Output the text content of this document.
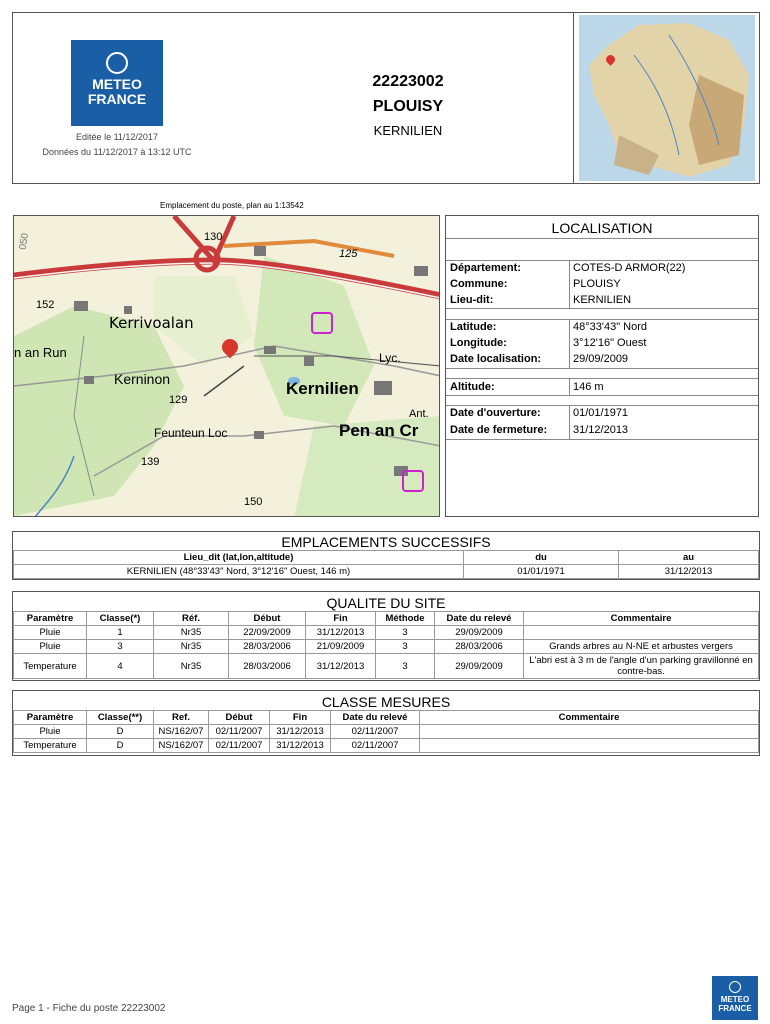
METEO
FRANCE
Editée le 11/12/2017
Données du 11/12/2017 à 13:12 UTC
22223002
PLOUISY
KERNILIEN
Emplacement du poste, plan au 1:13542
130
125
152
050
Kerrivoalan
n an Run
Kerninon	Kernilien
Lyc.
129
Ant.
Feunteun Loc	Pen an Cr
139
150
LOCALISATION
Département:	COTES-D ARMOR(22)
Commune:	PLOUISY
Lieu-dit:	KERNILIEN
Latitude:	48°33'43" Nord
Longitude:	3°12'16" Ouest
Date localisation:	29/09/2009
Altitude:	146 m
Date d'ouverture:	01/01/1971
Date de fermeture: 31/12/2013
EMPLACEMENTS SUCCESSIFS
Lieu_dit (lat,lon,altitude)	du	au
KERNILIEN (48°33'43" Nord, 3°12'16" Ouest, 146 m)	01/01/1971	31/12/2013
QUALITE DU SITE
Paramètre	Classe(*)	Réf.	Début	Fin	Méthode	Date du relevé	Commentaire
Pluie	1	Nr35	22/09/2009	31/12/2013	3	29/09/2009	
Pluie	3	Nr35	28/03/2006	21/09/2009	3	28/03/2006	Grands arbres au N-NE et arbustes vergers
Temperature	4	Nr35	28/03/2006	31/12/2013	3	29/09/2009	L'abri est à 3 m de l'angle d'un parking gravillonné en contre-bas.
CLASSE MESURES
Paramètre	Classe(**)	Ref.	Début	Fin	Date du relevé	Commentaire
Pluie	D	NS/162/07	02/11/2007	31/12/2013	02/11/2007	
Temperature	D	NS/162/07	02/11/2007	31/12/2013	02/11/2007	
Page 1 - Fiche du poste 22223002
METEO
FRANCE
